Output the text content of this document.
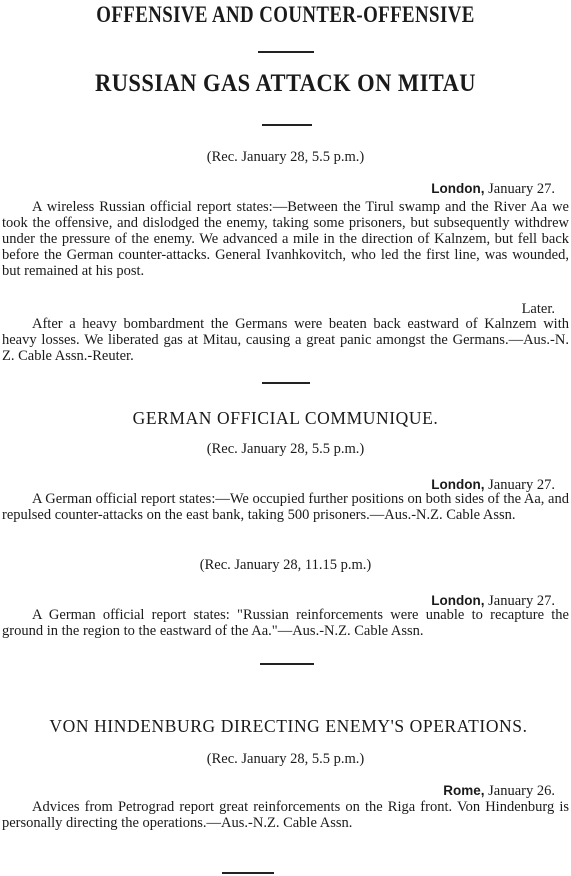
OFFENSIVE AND COUNTER-OFFENSIVE
RUSSIAN GAS ATTACK ON MITAU
(Rec. January 28, 5.5 p.m.)
London, January 27.
A wireless Russian official report states:—Between the Tirul swamp and the River Aa we took the offensive, and dislodged the enemy, taking some prisoners, but subsequently withdrew under the pressure of the enemy. We advanced a mile in the direction of Kalnzem, but fell back before the German counter-attacks. General Ivanhkovitch, who led the first line, was wounded, but remained at his post.
Later.
After a heavy bombardment the Germans were beaten back eastward of Kalnzem with heavy losses. We liberated gas at Mitau, causing a great panic amongst the Germans.—Aus.-N. Z. Cable Assn.-Reuter.
GERMAN OFFICIAL COMMUNIQUE.
(Rec. January 28, 5.5 p.m.)
London, January 27.
A German official report states:—We occupied further positions on both sides of the Aa, and repulsed counter-attacks on the east bank, taking 500 prisoners.—Aus.-N.Z. Cable Assn.
(Rec. January 28, 11.15 p.m.)
London, January 27.
A German official report states: "Russian reinforcements were unable to recapture the ground in the region to the eastward of the Aa."—Aus.-N.Z. Cable Assn.
VON HINDENBURG DIRECTING ENEMY'S OPERATIONS.
(Rec. January 28, 5.5 p.m.)
Rome, January 26.
Advices from Petrograd report great reinforcements on the Riga front. Von Hindenburg is personally directing the operations.—Aus.-N.Z. Cable Assn.
